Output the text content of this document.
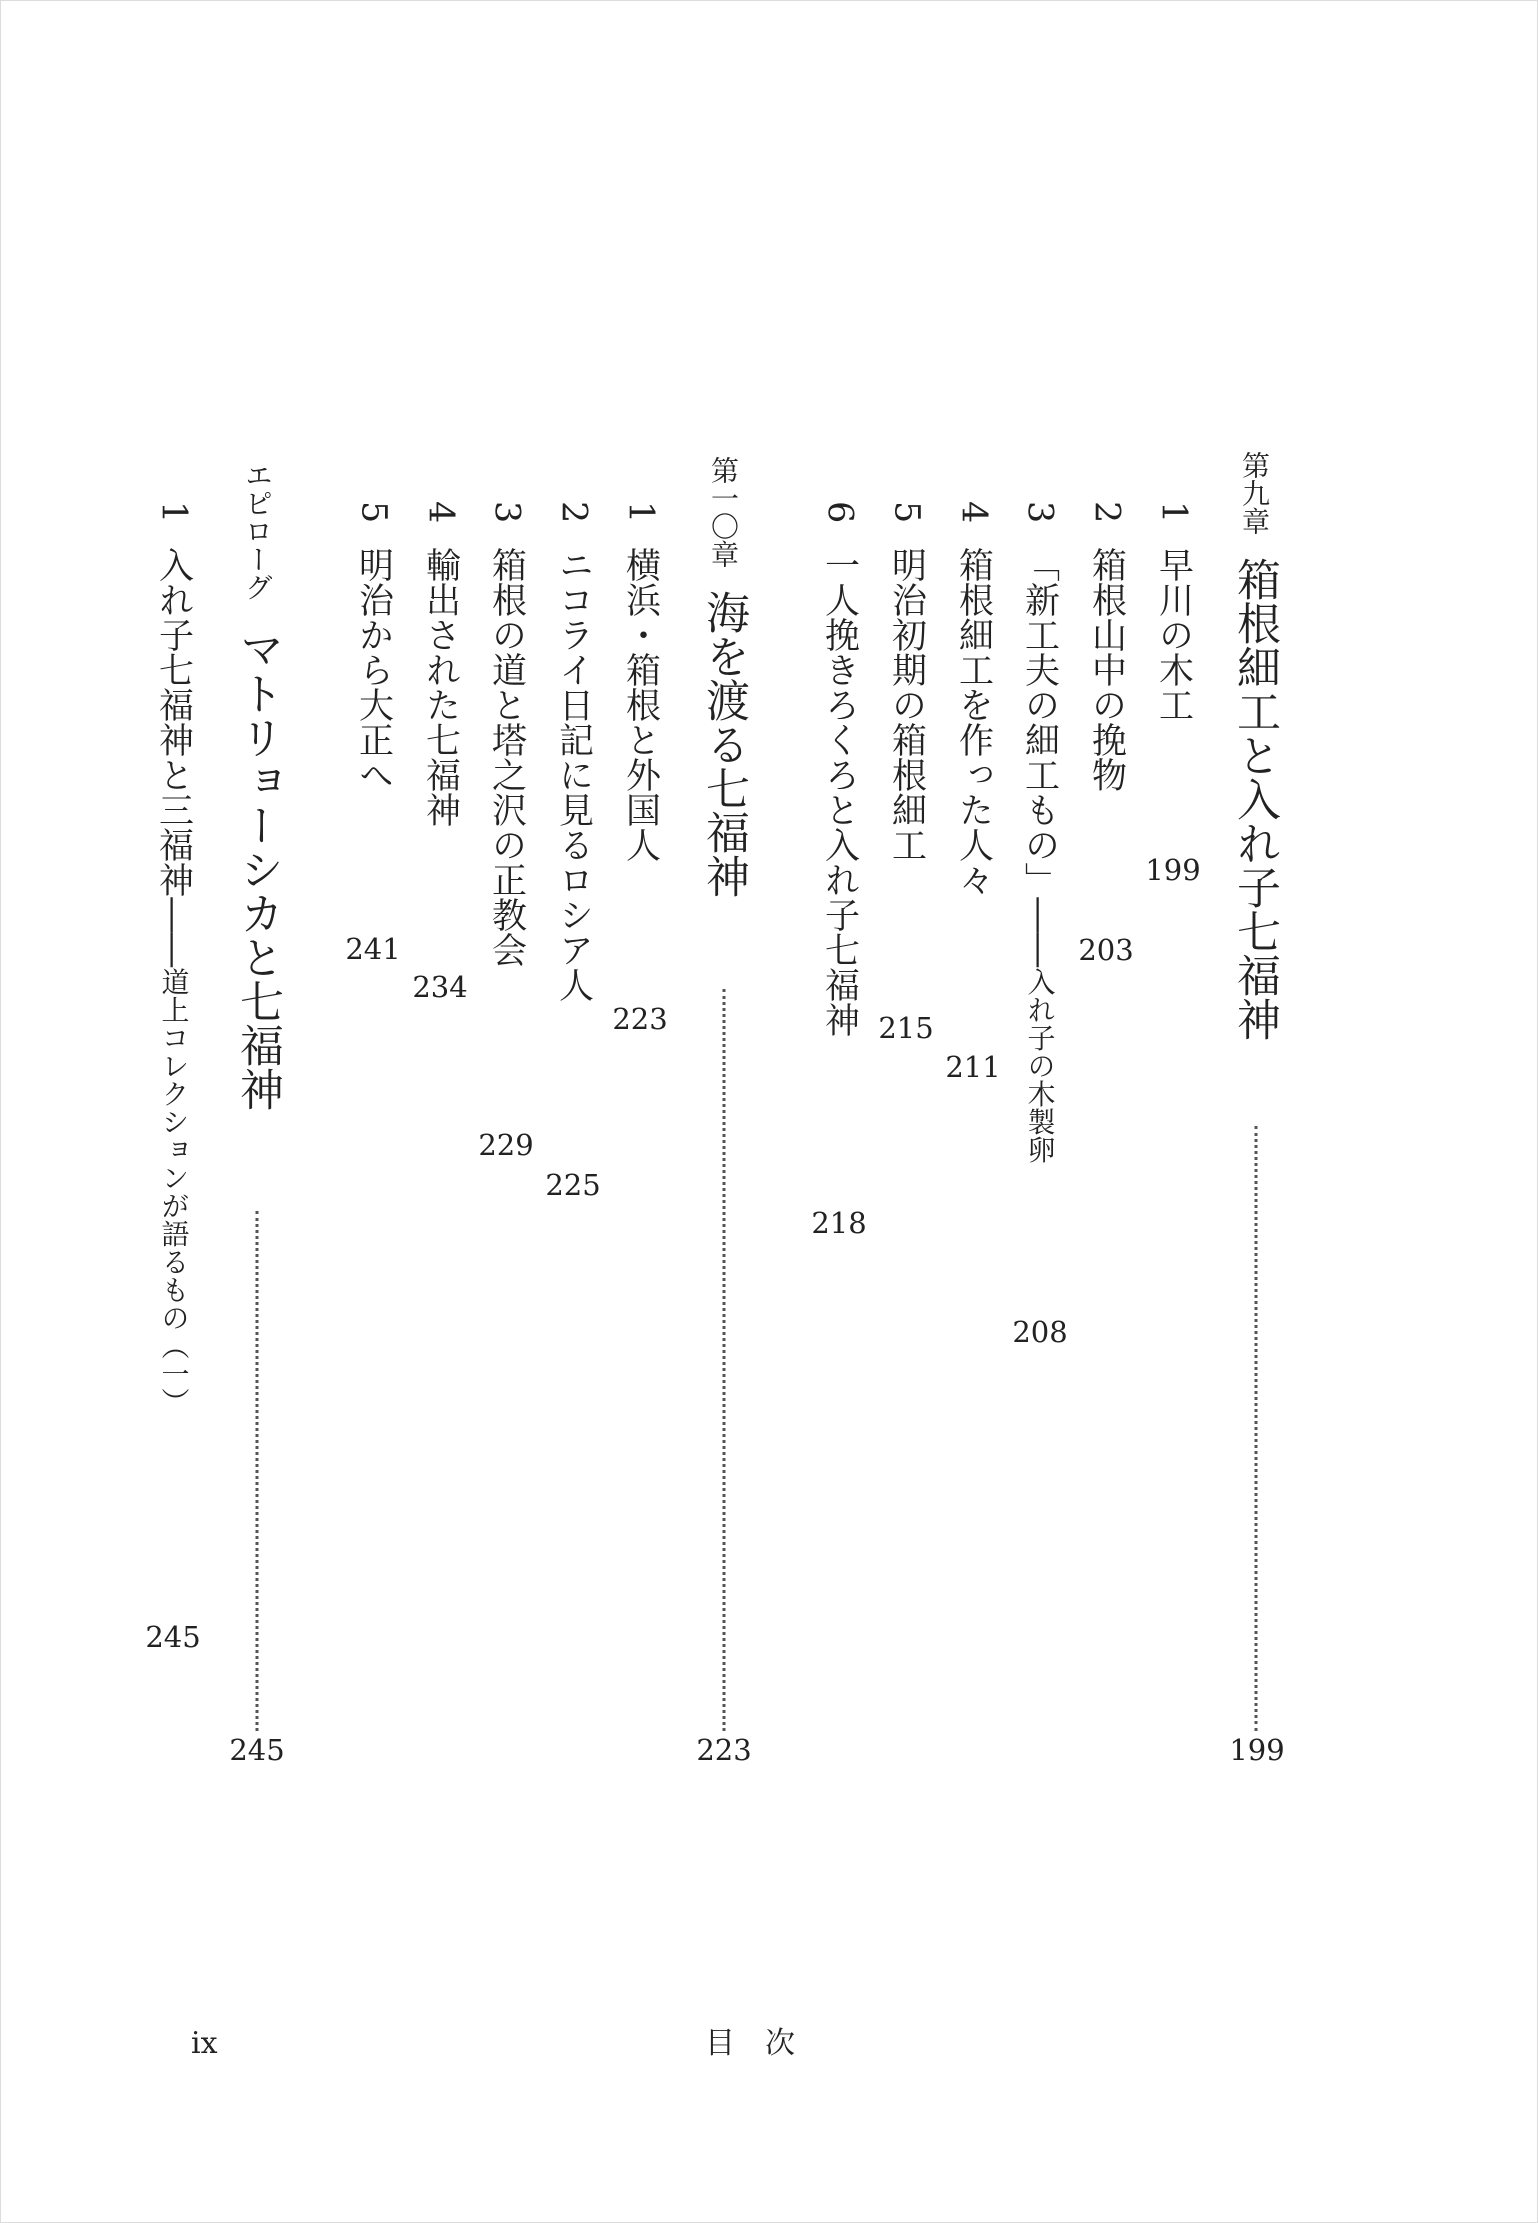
第九章箱根細工と入れ子七福神
199
1早川の木工
199
2箱根山中の挽物
203
3「新工夫の細工もの」――入れ子の木製卵
208
4箱根細工を作った人々
211
5明治初期の箱根細工
215
6一人挽きろくろと入れ子七福神
218
第一〇章海を渡る七福神
223
1横浜・箱根と外国人
223
2ニコライ日記に見るロシア人
225
3箱根の道と塔之沢の正教会
229
4輸出された七福神
234
5明治から大正へ
241
エピローグマトリョーシカと七福神
245
1入れ子七福神と三福神――道上コレクションが語るもの（一）
245
ix	目　次
